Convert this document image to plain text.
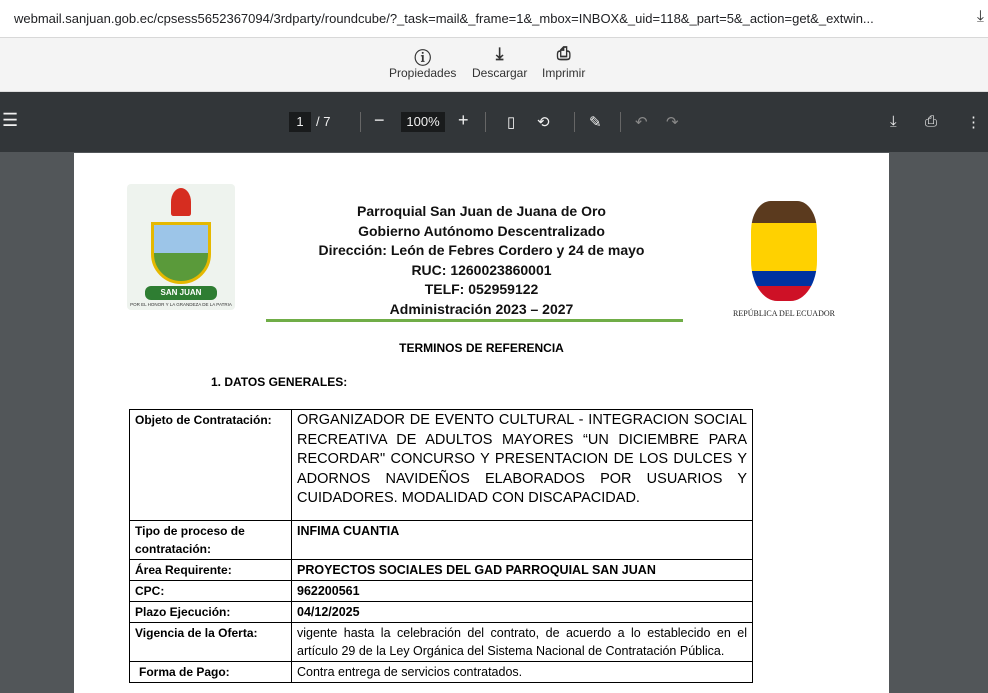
webmail.sanjuan.gob.ec/cpsess5652367094/3rdparty/roundcube/?_task=mail&_frame=1&_mbox=INBOX&_uid=118&_part=5&_action=get&_extwin...	⤓
ⓘ
Propiedades
⤓
Descargar
⎙
Imprimir
☰	1 / 7 −	100% +	▯ ⟲	✎ ↶ ↷	⤓ ⎙ ⋮
SAN JUAN
POR EL HONOR Y LA GRANDEZA DE LA PATRIA
Parroquial San Juan de Juana de Oro
Gobierno Autónomo Descentralizado
Dirección: León de Febres Cordero y 24 de mayo
RUC: 1260023860001
TELF: 052959122
Administración 2023 – 2027	REPÚBLICA DEL ECUADOR
TERMINOS DE REFERENCIA
1. DATOS GENERALES:
Objeto de Contratación:	ORGANIZADOR DE EVENTO CULTURAL - INTEGRACION SOCIAL RECREATIVA DE ADULTOS MAYORES “UN DICIEMBRE PARA RECORDAR" CONCURSO Y PRESENTACION DE LOS DULCES Y ADORNOS NAVIDEÑOS ELABORADOS POR USUARIOS Y CUIDADORES. MODALIDAD CON DISCAPACIDAD.
Tipo de proceso de contratación:	INFIMA CUANTIA
Área Requirente:	PROYECTOS SOCIALES DEL GAD PARROQUIAL SAN JUAN
CPC:	962200561
Plazo Ejecución:	04/12/2025
Vigencia de la Oferta:	vigente hasta la celebración del contrato, de acuerdo a lo establecido en el artículo 29 de la Ley Orgánica del Sistema Nacional de Contratación Pública.
Forma de Pago:	Contra entrega de servicios contratados.
